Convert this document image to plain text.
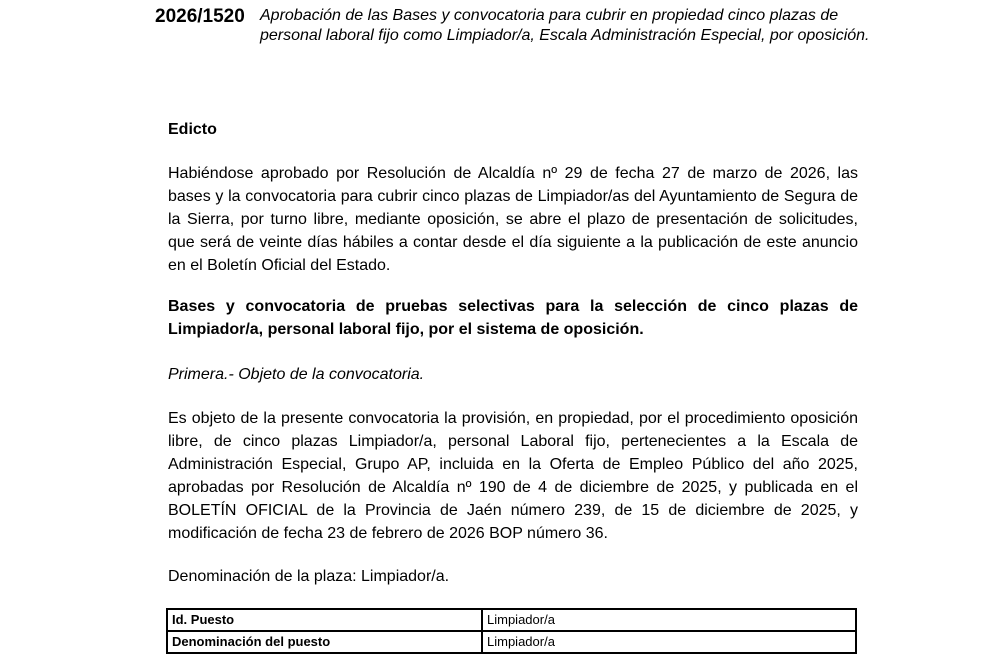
2026/1520 Aprobación de las Bases y convocatoria para cubrir en propiedad cinco plazas de personal laboral fijo como Limpiador/a, Escala Administración Especial, por oposición.
Edicto
Habiéndose aprobado por Resolución de Alcaldía nº 29 de fecha 27 de marzo de 2026, las bases y la convocatoria para cubrir cinco plazas de Limpiador/as del Ayuntamiento de Segura de la Sierra, por turno libre, mediante oposición, se abre el plazo de presentación de solicitudes, que será de veinte días hábiles a contar desde el día siguiente a la publicación de este anuncio en el Boletín Oficial del Estado.
Bases y convocatoria de pruebas selectivas para la selección de cinco plazas de Limpiador/a, personal laboral fijo, por el sistema de oposición.
Primera.- Objeto de la convocatoria.
Es objeto de la presente convocatoria la provisión, en propiedad, por el procedimiento oposición libre, de cinco plazas Limpiador/a, personal Laboral fijo, pertenecientes a la Escala de Administración Especial, Grupo AP, incluida en la Oferta de Empleo Público del año 2025, aprobadas por Resolución de Alcaldía nº 190 de 4 de diciembre de 2025, y publicada en el BOLETÍN OFICIAL de la Provincia de Jaén número 239, de 15 de diciembre de 2025, y modificación de fecha 23 de febrero de 2026 BOP número 36.
Denominación de la plaza: Limpiador/a.
Id. Puesto	Limpiador/a
Denominación del puesto	Limpiador/a
